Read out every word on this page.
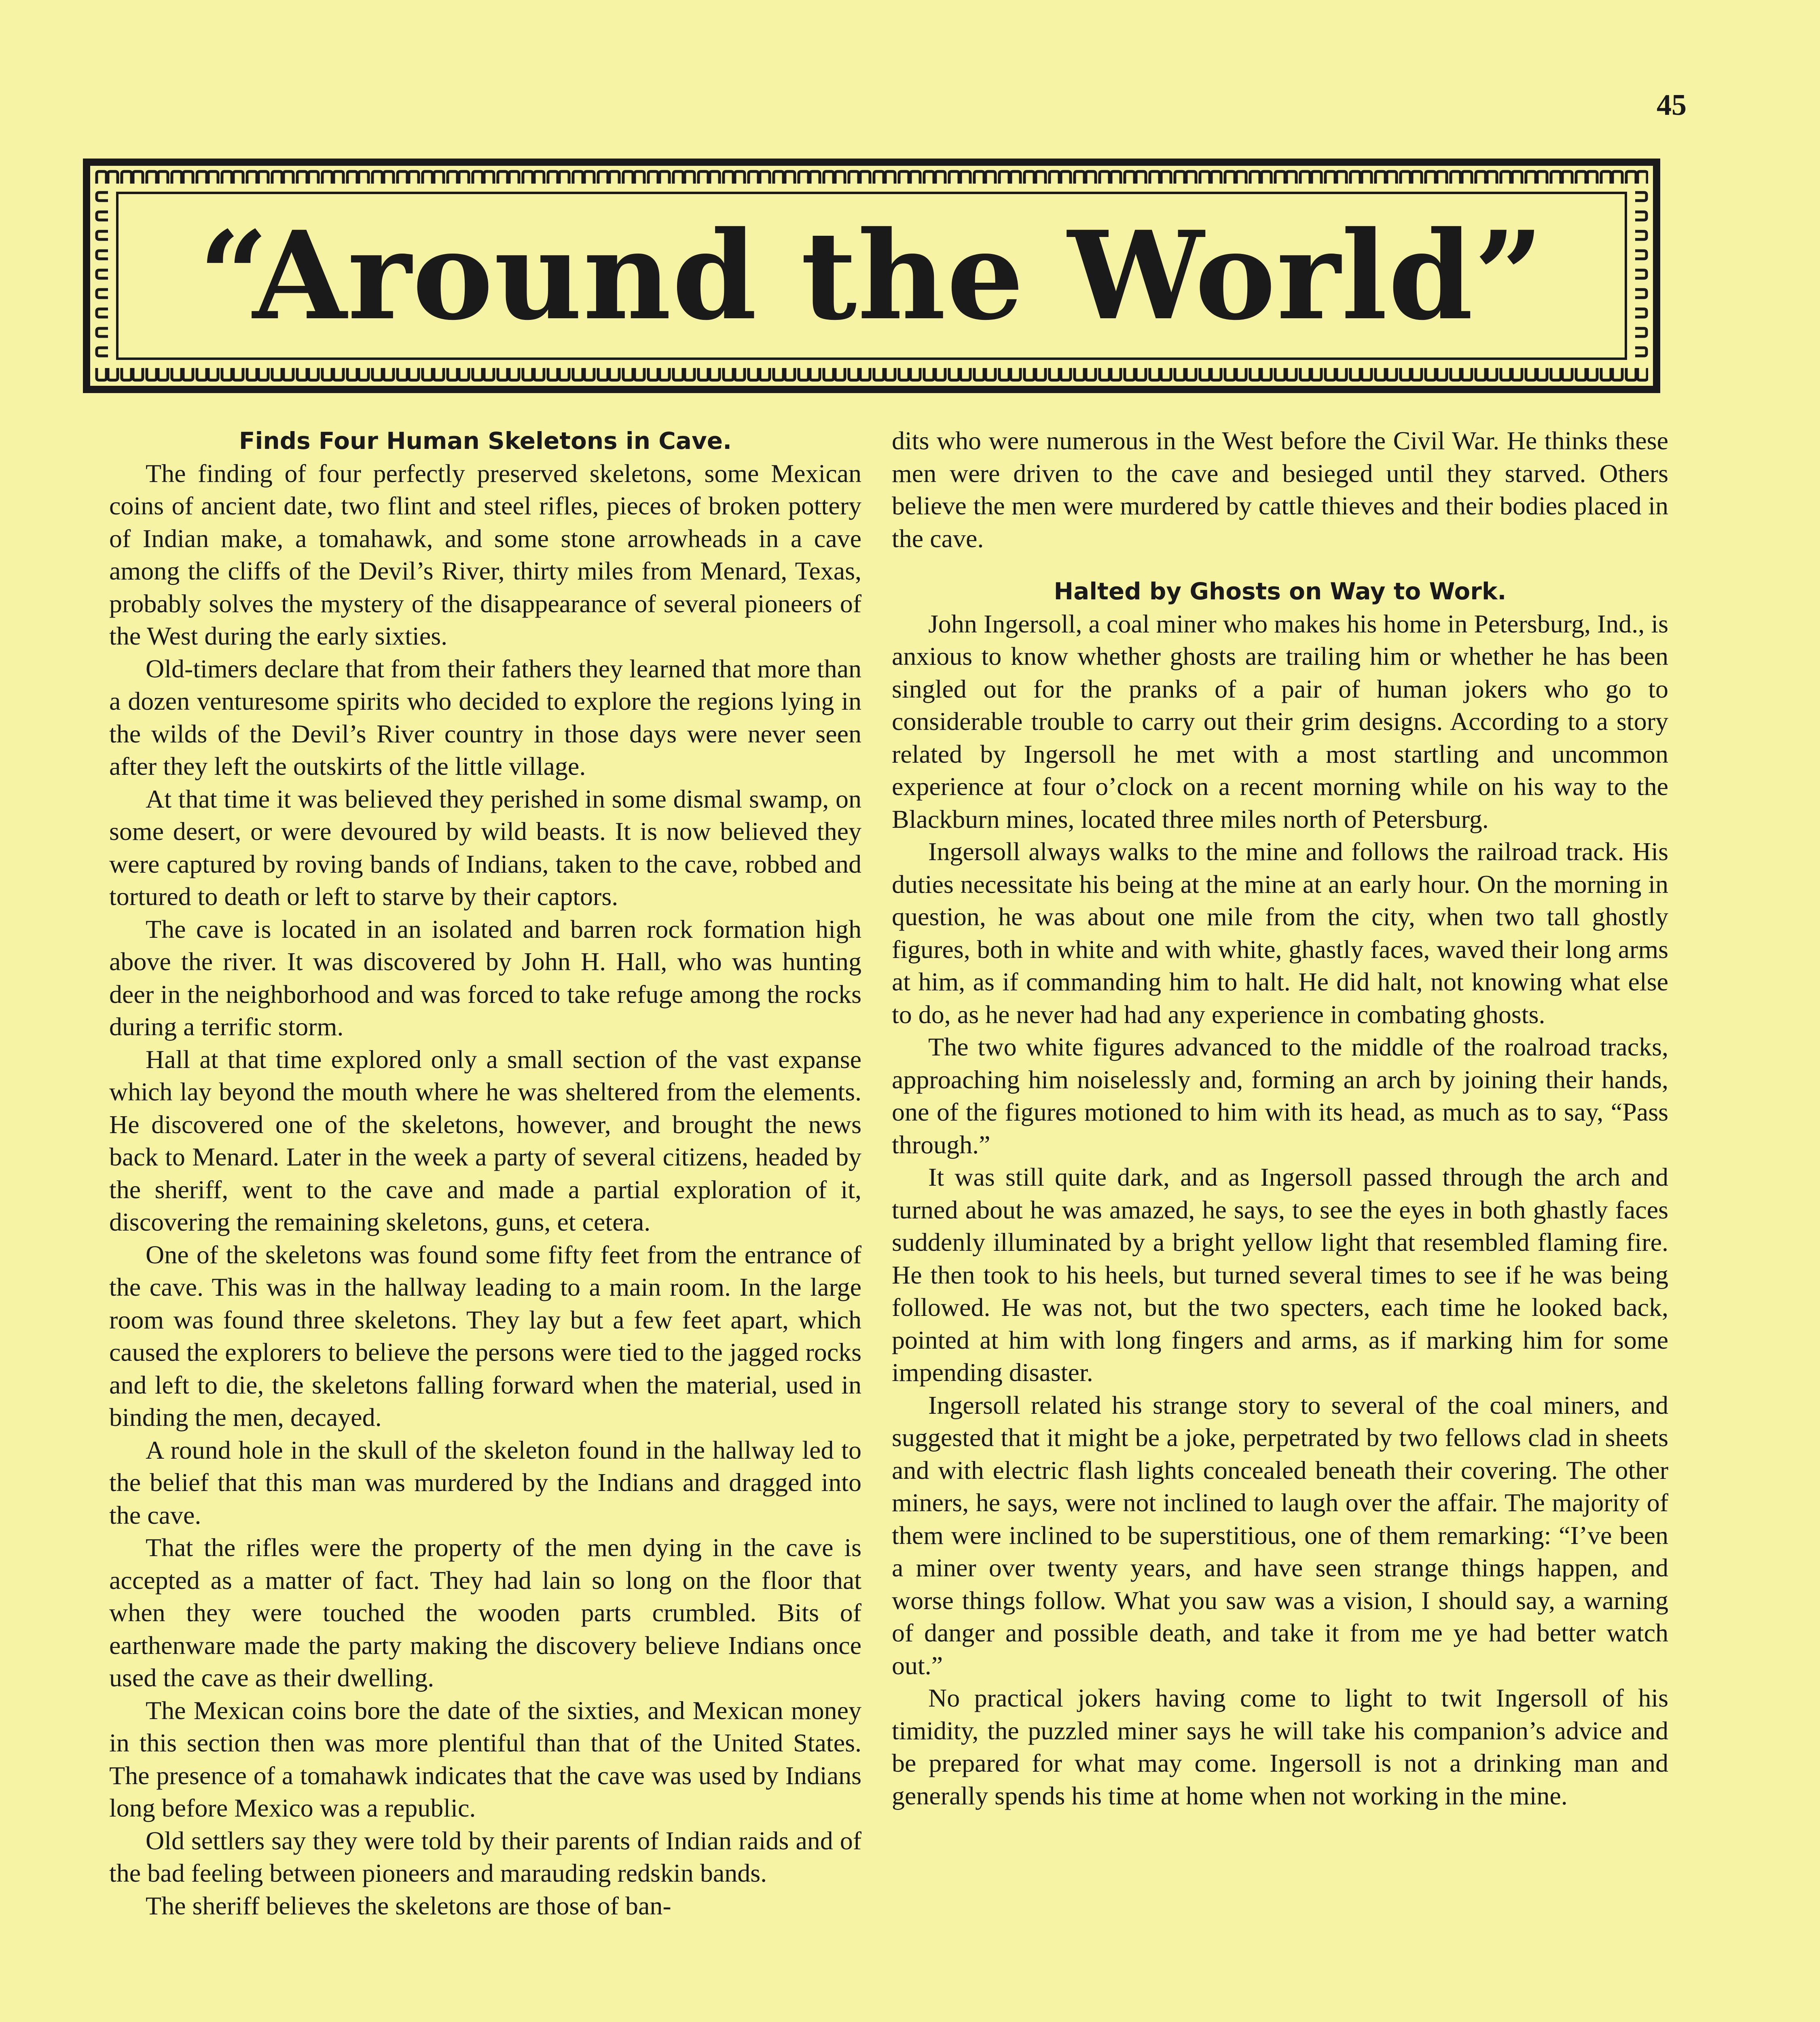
45
“Around the World”
Finds Four Human Skeletons in Cave.

The finding of four perfectly preserved skeletons, some Mexican coins of ancient date, two flint and steel rifles, pieces of broken pottery of Indian make, a tomahawk, and some stone arrowheads in a cave among the cliffs of the Devil’s River, thirty miles from Menard, Texas, probably solves the mystery of the disappearance of several pioneers of the West during the early sixties.

Old-timers declare that from their fathers they learned that more than a dozen venturesome spirits who decided to explore the regions lying in the wilds of the Devil’s River country in those days were never seen after they left the outskirts of the little village.

At that time it was believed they perished in some dismal swamp, on some desert, or were devoured by wild beasts. It is now believed they were captured by roving bands of Indians, taken to the cave, robbed and tortured to death or left to starve by their captors.

The cave is located in an isolated and barren rock formation high above the river. It was discovered by John H. Hall, who was hunting deer in the neighborhood and was forced to take refuge among the rocks during a terrific storm.

Hall at that time explored only a small section of the vast expanse which lay beyond the mouth where he was sheltered from the elements. He discovered one of the skeletons, however, and brought the news back to Menard. Later in the week a party of several citizens, headed by the sheriff, went to the cave and made a partial exploration of it, discovering the remaining skeletons, guns, et cetera.

One of the skeletons was found some fifty feet from the entrance of the cave. This was in the hallway leading to a main room. In the large room was found three skeletons. They lay but a few feet apart, which caused the explorers to believe the persons were tied to the jagged rocks and left to die, the skeletons falling forward when the material, used in binding the men, decayed.

A round hole in the skull of the skeleton found in the hallway led to the belief that this man was murdered by the Indians and dragged into the cave.

That the rifles were the property of the men dying in the cave is accepted as a matter of fact. They had lain so long on the floor that when they were touched the wooden parts crumbled. Bits of earthenware made the party making the discovery believe Indians once used the cave as their dwelling.

The Mexican coins bore the date of the sixties, and Mexican money in this section then was more plentiful than that of the United States. The presence of a tomahawk indicates that the cave was used by Indians long before Mexico was a republic.

Old settlers say they were told by their parents of Indian raids and of the bad feeling between pioneers and marauding redskin bands.

The sheriff believes the skeletons are those of ban-

dits who were numerous in the West before the Civil War. He thinks these men were driven to the cave and besieged until they starved. Others believe the men were murdered by cattle thieves and their bodies placed in the cave.

Halted by Ghosts on Way to Work.

John Ingersoll, a coal miner who makes his home in Petersburg, Ind., is anxious to know whether ghosts are trailing him or whether he has been singled out for the pranks of a pair of human jokers who go to considerable trouble to carry out their grim designs. According to a story related by Ingersoll he met with a most startling and uncommon experience at four o’clock on a recent morning while on his way to the Blackburn mines, located three miles north of Petersburg.

Ingersoll always walks to the mine and follows the railroad track. His duties necessitate his being at the mine at an early hour. On the morning in question, he was about one mile from the city, when two tall ghostly figures, both in white and with white, ghastly faces, waved their long arms at him, as if commanding him to halt. He did halt, not knowing what else to do, as he never had had any experience in combating ghosts.

The two white figures advanced to the middle of the roalroad tracks, approaching him noiselessly and, forming an arch by joining their hands, one of the figures motioned to him with its head, as much as to say, “Pass through.”

It was still quite dark, and as Ingersoll passed through the arch and turned about he was amazed, he says, to see the eyes in both ghastly faces suddenly illuminated by a bright yellow light that resembled flaming fire. He then took to his heels, but turned several times to see if he was being followed. He was not, but the two specters, each time he looked back, pointed at him with long fingers and arms, as if marking him for some impending disaster.

Ingersoll related his strange story to several of the coal miners, and suggested that it might be a joke, perpetrated by two fellows clad in sheets and with electric flash lights concealed beneath their covering. The other miners, he says, were not inclined to laugh over the affair. The majority of them were inclined to be superstitious, one of them remarking: “I’ve been a miner over twenty years, and have seen strange things happen, and worse things follow. What you saw was a vision, I should say, a warning of danger and possible death, and take it from me ye had better watch out.”

No practical jokers having come to light to twit Ingersoll of his timidity, the puzzled miner says he will take his companion’s advice and be prepared for what may come. Ingersoll is not a drinking man and generally spends his time at home when not working in the mine.
